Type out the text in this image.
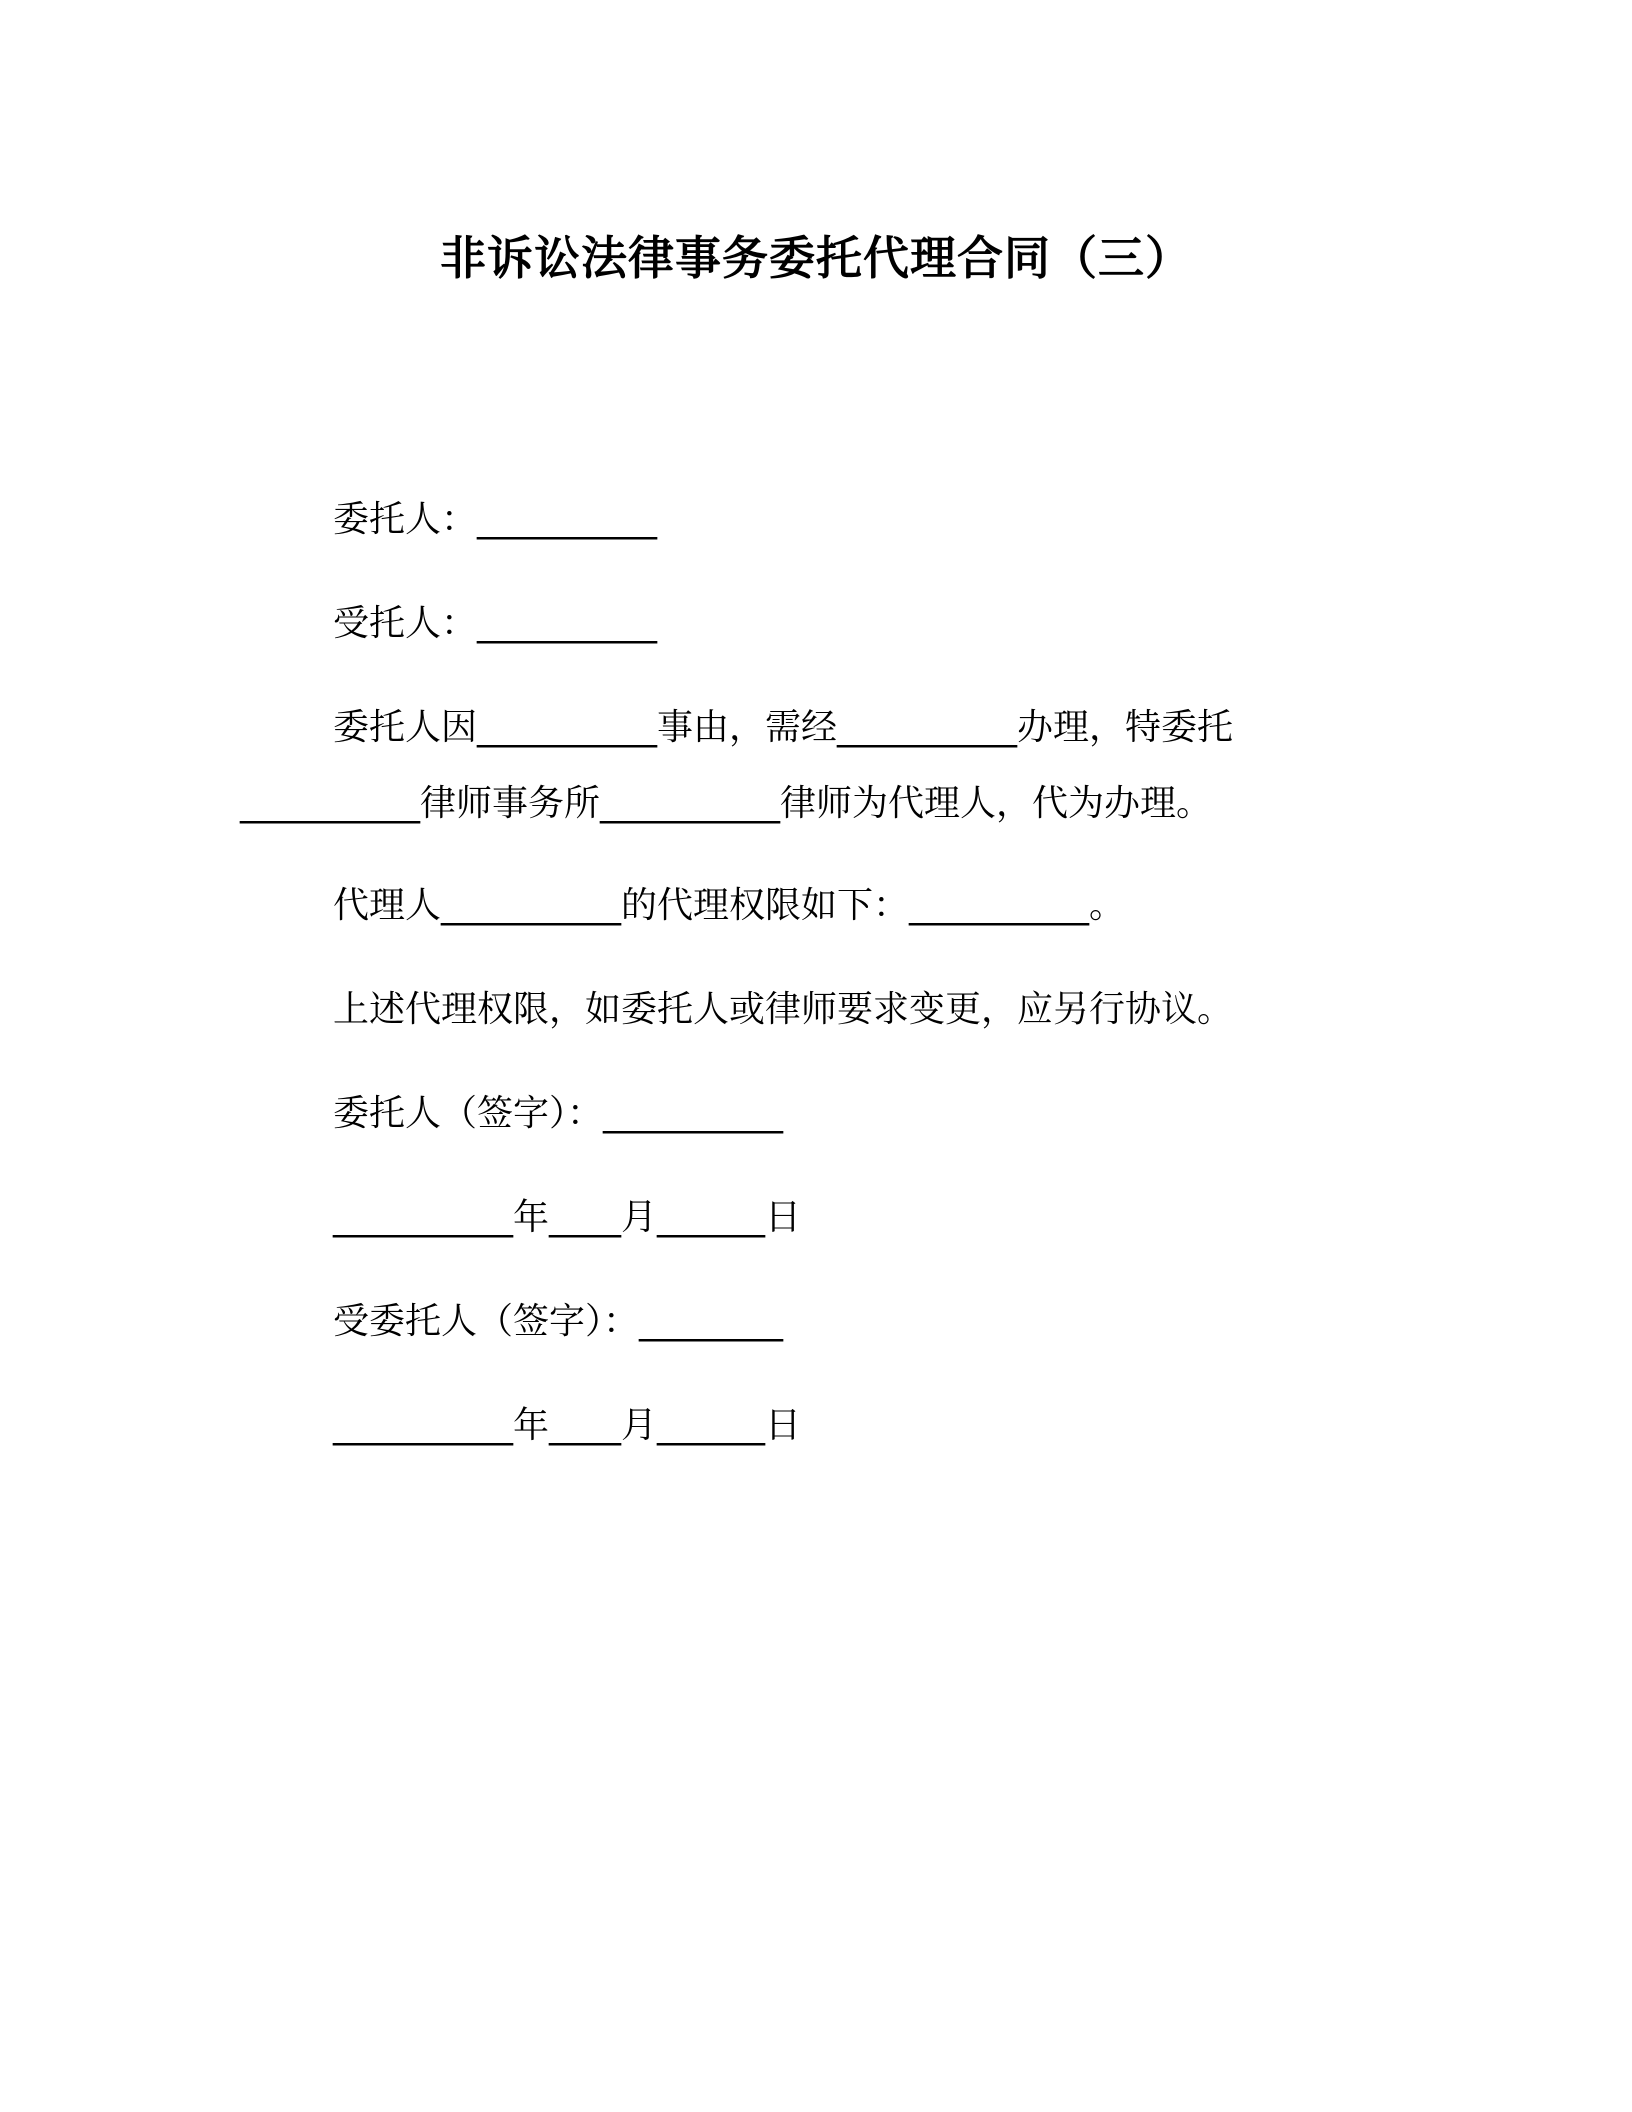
非诉讼法律事务委托代理合同（三）
委托人：__________
受托人：__________
委托人因__________事由，需经__________办理，特委托
__________律师事务所__________律师为代理人，代为办理。
代理人__________的代理权限如下：__________。
上述代理权限，如委托人或律师要求变更，应另行协议。
委托人（签字）：__________
__________年____月______日
受委托人（签字）：________
__________年____月______日
